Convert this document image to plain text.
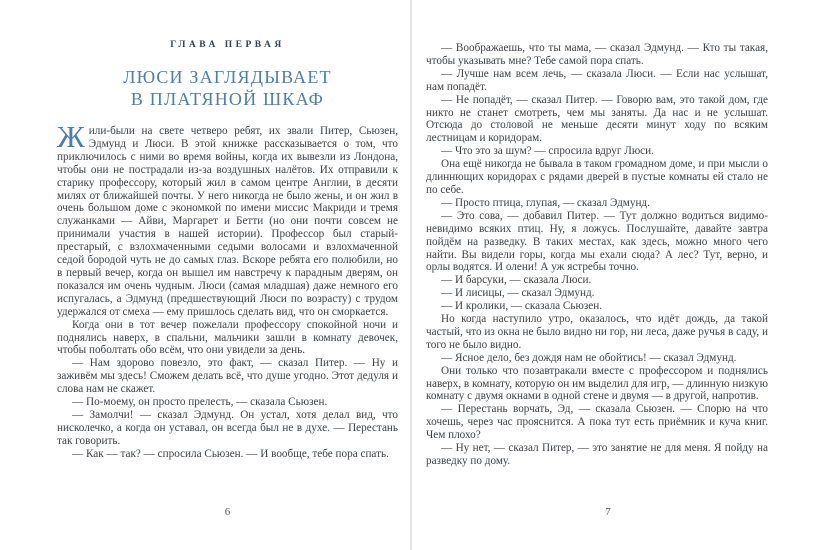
ГЛАВА ПЕРВАЯ
ЛЮСИ ЗАГЛЯДЫВАЕТ
В ПЛАТЯНОЙ ШКАФ

Жили-были на свете четверо ребят, их звали Питер, Сьюзен, Эдмунд и Люси. В этой книжке рассказывается о том, что приключилось с ними во время войны, когда их вывезли из Лондона, чтобы они не пострадали из-за воздушных налётов. Их отправили к старику профессору, который жил в самом центре Англии, в десяти милях от ближайшей почты. У него никогда не было жены, и он жил в очень большом доме с экономкой по имени миссис Макриди и тремя служанками — Айви, Маргарет и Бетти (но они почти совсем не принимали участия в нашей истории). Профессор был старый-престарый, с взлохмаченными седыми волосами и взлохмаченной седой бородой чуть не до самых глаз. Вскоре ребята его полюбили, но в первый вечер, когда он вышел им навстречу к парадным дверям, он показался им очень чудным. Люси (самая младшая) даже немного его испугалась, а Эдмунд (предшествующий Люси по возрасту) с трудом удержался от смеха — ему пришлось сделать вид, что он сморкается.

Когда они в тот вечер пожелали профессору спокойной ночи и поднялись наверх, в спальни, мальчики зашли в комнату девочек, чтобы поболтать обо всём, что они увидели за день.

— Нам здорово повезло, это факт, — сказал Питер. — Ну и заживём мы здесь! Сможем делать всё, что душе угодно. Этот дедуля и слова нам не скажет.

— По-моему, он просто прелесть, — сказала Сьюзен.

— Замолчи! — сказал Эдмунд. Он устал, хотя делал вид, что нисколечко, а когда он уставал, он всегда был не в духе. — Перестань так говорить.

— Как — так? — спросила Сьюзен. — И вообще, тебе пора спать.

6

— Воображаешь, что ты мама, — сказал Эдмунд. — Кто ты такая, чтобы указывать мне? Тебе самой пора спать.

— Лучше нам всем лечь, — сказала Люси. — Если нас услышат, нам попадёт.

— Не попадёт, — сказал Питер. — Говорю вам, это такой дом, где никто не станет смотреть, чем мы заняты. Да нас и не услышат. Отсюда до столовой не меньше десяти минут ходу по всяким лестницам и коридорам.

— Что это за шум? — спросила вдруг Люси.

Она ещё никогда не бывала в таком громадном доме, и при мысли о длиннющих коридорах с рядами дверей в пустые комнаты ей стало не по себе.

— Просто птица, глупая, — сказал Эдмунд.

— Это сова, — добавил Питер. — Тут должно водиться видимо-невидимо всяких птиц. Ну, я ложусь. Послушайте, давайте завтра пойдём на разведку. В таких местах, как здесь, можно много чего найти. Вы видели горы, когда мы ехали сюда? А лес? Тут, верно, и орлы водятся. И олени! А уж ястребы точно.

— И барсуки, — сказала Люси.

— И лисицы, — сказал Эдмунд.

— И кролики, — сказала Сьюзен.

Но когда наступило утро, оказалось, что идёт дождь, да такой частый, что из окна не было видно ни гор, ни леса, даже ручья в саду, и того не было видно.

— Ясное дело, без дождя нам не обойтись! — сказал Эдмунд.

Они только что позавтракали вместе с профессором и поднялись наверх, в комнату, которую он им выделил для игр, — длинную низкую комнату с двумя окнами в одной стене и двумя — в другой, напротив.

— Перестань ворчать, Эд, — сказала Сьюзен. — Спорю на что хочешь, через час прояснится. А пока тут есть приёмник и куча книг. Чем плохо?

— Ну нет, — сказал Питер, — это занятие не для меня. Я пойду на разведку по дому.

7
